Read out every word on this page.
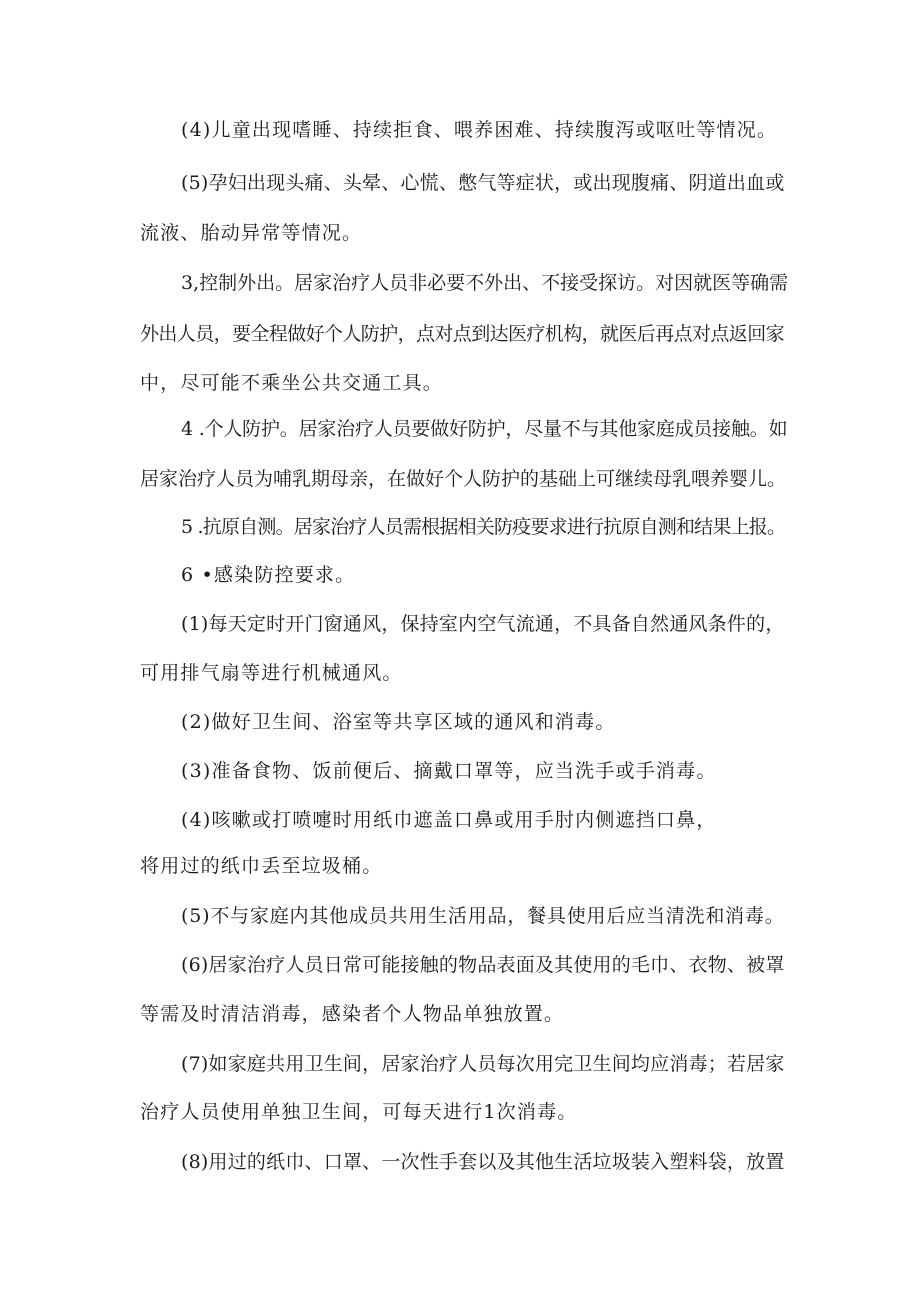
(4)儿童出现嗜睡、持续拒食、喂养困难、持续腹泻或呕吐等情况。
(5)孕妇出现头痛、头晕、心慌、憋气等症状，或出现腹痛、阴道出血或
流液、胎动异常等情况。
3,控制外出。居家治疗人员非必要不外出、不接受探访。对因就医等确需
外出人员，要全程做好个人防护，点对点到达医疗机构，就医后再点对点返回家
中，尽可能不乘坐公共交通工具。
4 .个人防护。居家治疗人员要做好防护，尽量不与其他家庭成员接触。如
居家治疗人员为哺乳期母亲，在做好个人防护的基础上可继续母乳喂养婴儿。
5 .抗原自测。居家治疗人员需根据相关防疫要求进行抗原自测和结果上报。
6 •感染防控要求。
(1)每天定时开门窗通风，保持室内空气流通，不具备自然通风条件的，
可用排气扇等进行机械通风。
(2)做好卫生间、浴室等共享区域的通风和消毒。
(3)准备食物、饭前便后、摘戴口罩等，应当洗手或手消毒。
(4)咳嗽或打喷嚏时用纸巾遮盖口鼻或用手肘内侧遮挡口鼻，
将用过的纸巾丢至垃圾桶。
(5)不与家庭内其他成员共用生活用品，餐具使用后应当清洗和消毒。
(6)居家治疗人员日常可能接触的物品表面及其使用的毛巾、衣物、被罩
等需及时清洁消毒，感染者个人物品单独放置。
(7)如家庭共用卫生间，居家治疗人员每次用完卫生间均应消毒；若居家
治疗人员使用单独卫生间，可每天进行1次消毒。
(8)用过的纸巾、口罩、一次性手套以及其他生活垃圾装入塑料袋，放置
